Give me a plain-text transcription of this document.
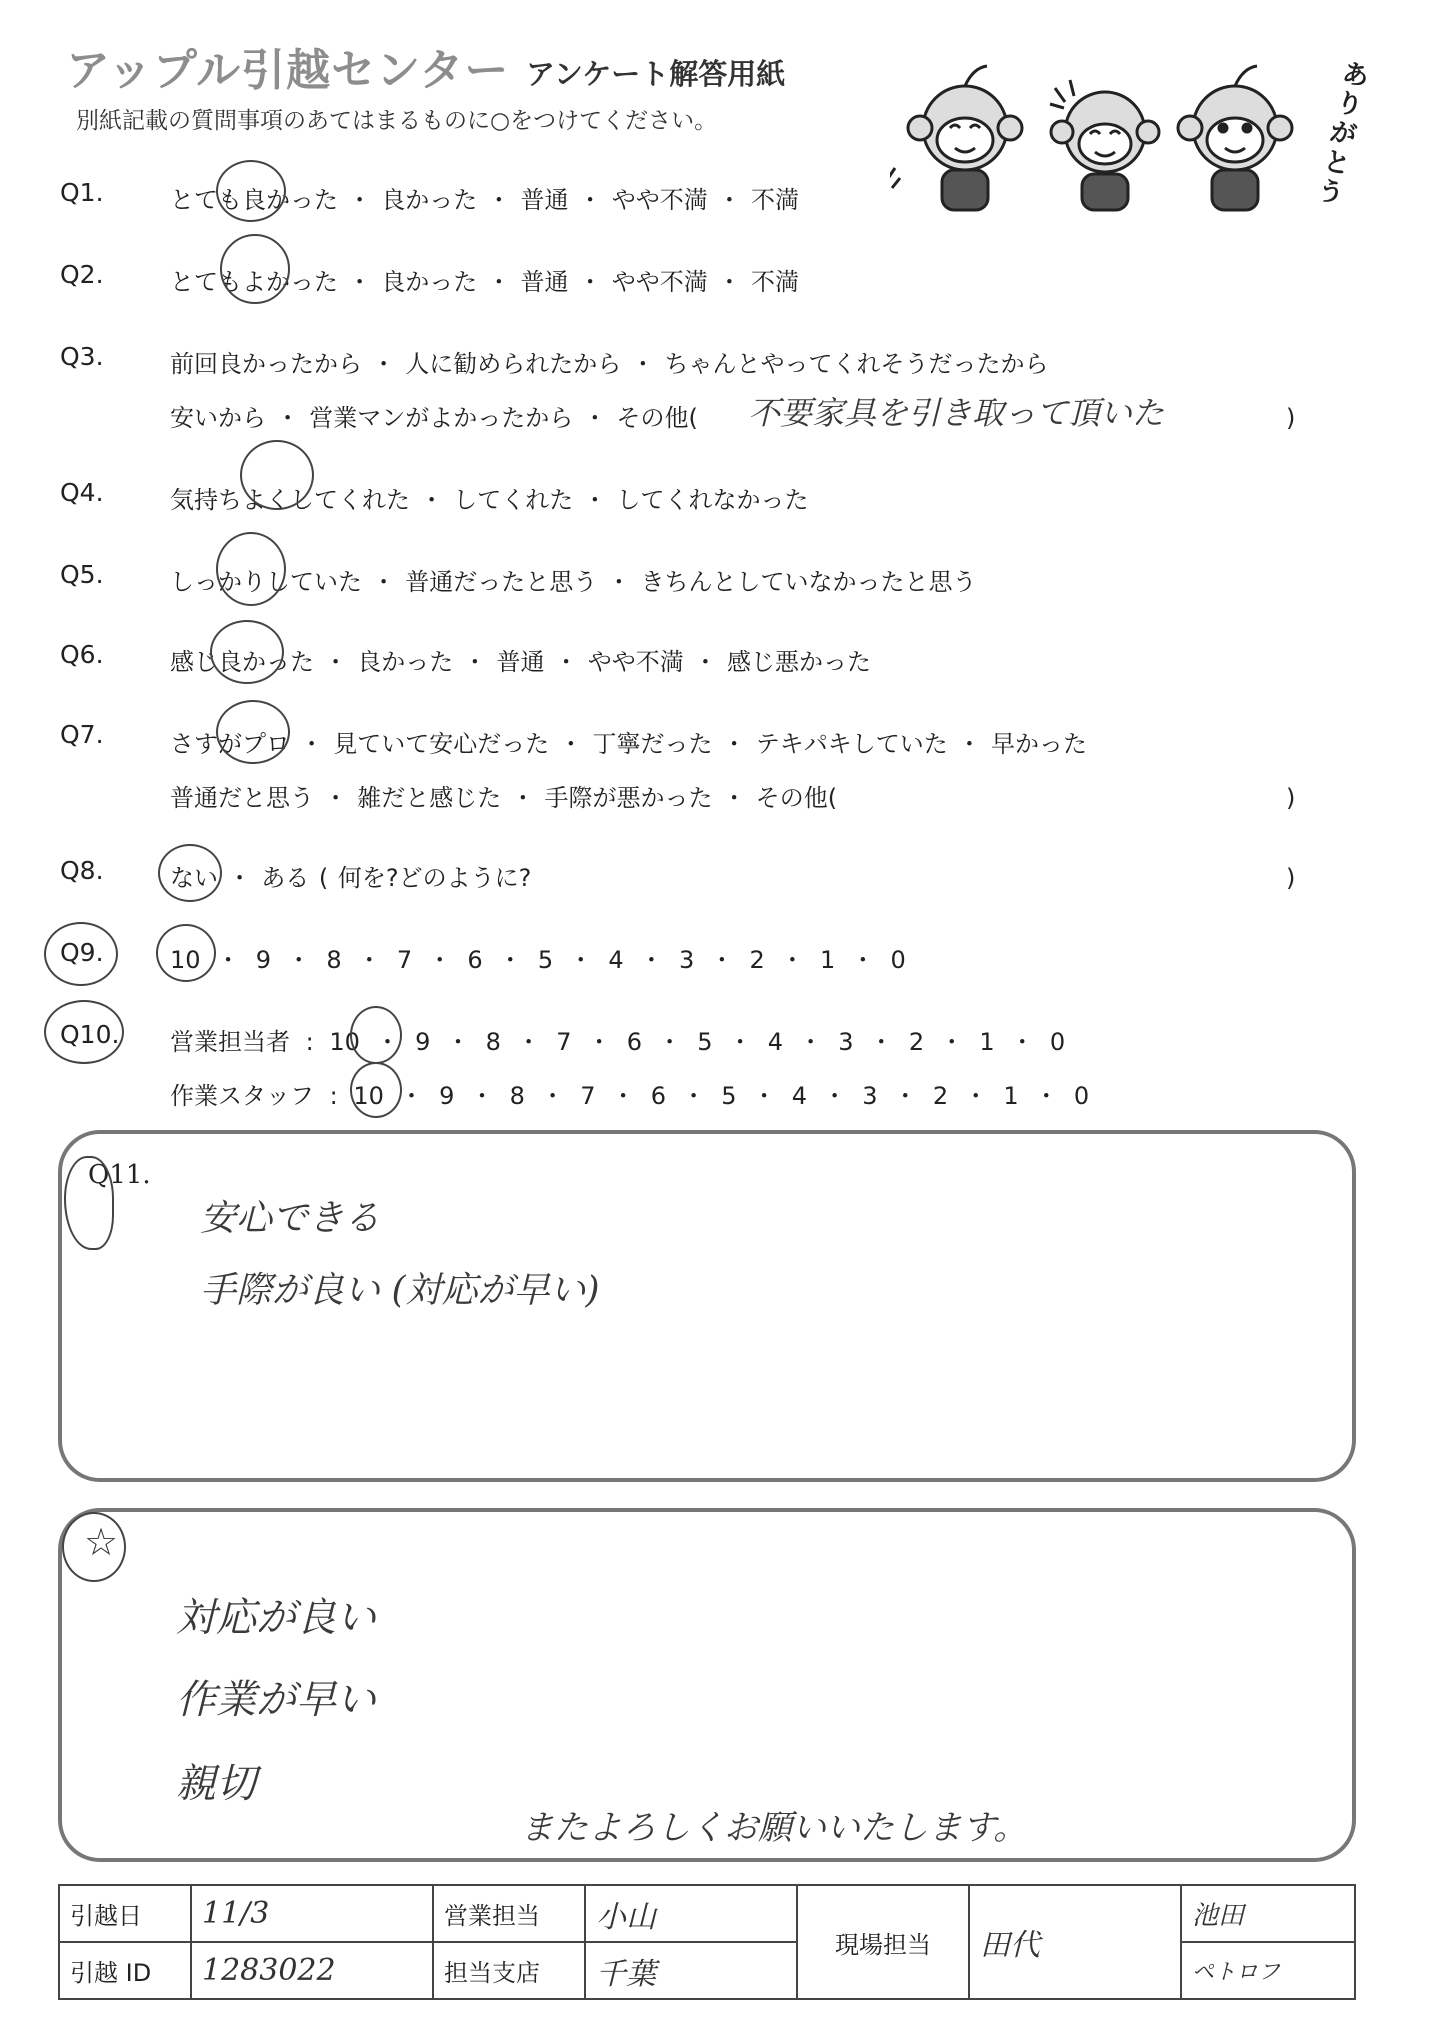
アップル引越センター アンケート解答用紙
別紙記載の質問事項のあてはまるものに○をつけてください。
ありがとう
Q1.	とても良かった ・ 良かった ・ 普通 ・ やや不満 ・ 不満
Q2.	とてもよかった ・ 良かった ・ 普通 ・ やや不満 ・ 不満
Q3.	前回良かったから ・ 人に勧められたから ・ ちゃんとやってくれそうだったから
安いから ・ 営業マンがよかったから ・ その他( 不要家具を引き取って頂いた	)
Q4.	気持ちよくしてくれた ・ してくれた ・ してくれなかった
Q5.	しっかりしていた ・ 普通だったと思う ・ きちんとしていなかったと思う
Q6.	感じ良かった ・ 良かった ・ 普通 ・ やや不満 ・ 感じ悪かった
Q7.	さすがプロ ・ 見ていて安心だった ・ 丁寧だった ・ テキパキしていた ・ 早かった
普通だと思う ・ 雑だと感じた ・ 手際が悪かった ・ その他(	)
Q8.	ない ・ ある ( 何を?どのように?	)
Q9.	10 ・ 9 ・ 8 ・ 7 ・ 6 ・ 5 ・ 4 ・ 3 ・ 2 ・ 1 ・ 0
Q10. 営業担当者 : 10 ・ 9 ・ 8 ・ 7 ・ 6 ・ 5 ・ 4 ・ 3 ・ 2 ・ 1 ・ 0
作業スタッフ : 10 ・ 9 ・ 8 ・ 7 ・ 6 ・ 5 ・ 4 ・ 3 ・ 2 ・ 1 ・ 0
Q11.
安心できる
手際が良い (対応が早い)
☆
対応が良い
作業が早い
親切
またよろしくお願いいたします。
引越日	11/3	営業担当	小山	現場担当	田代	池田
引越 ID	1283022	担当支店	千葉			ペトロフ
